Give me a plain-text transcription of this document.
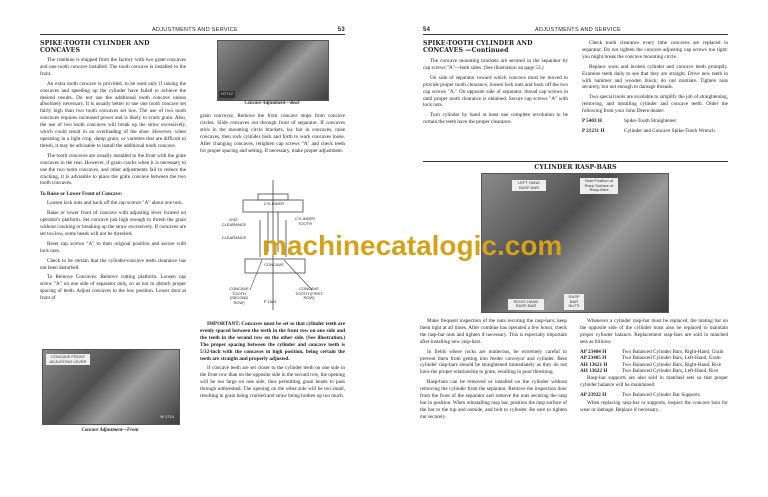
ADJUSTMENTS AND SERVICE	53
SPIKE-TOOTH CYLINDER AND CONCAVES

The combine is shipped from the factory with two grate concaves and one tooth concave installed. The tooth concave is installed to the front.

An extra tooth concave is provided, to be used only if raising the concaves and speeding up the cylinder have failed to achieve the desired results. Do not use the additional tooth concave unless absolutely necessary. It is usually better to use one tooth concave set fairly high than two tooth concaves set low. The use of two tooth concaves requires increased power and is likely to crack grain. Also, the use of two tooth concaves will break up the straw excessively, which could result in an overloading of the shoe. However, when operating in a light crop, damp grain, or varieties that are difficult to thresh, it may be advisable to install the additional tooth concave.

The tooth concaves are usually installed to the front with the grate concaves to the rear. However, if grain cracks when it is necessary to use the two tooth concaves, and other adjustments fail to reduce the cracking, it is advisable to place the grate concave between the two tooth concaves.

To Raise or Lower Front of Concave:

Loosen lock nuts and back off the cap screws "A" about one turn.

Raise or lower front of concave with adjusting lever located on operator's platform. Set concave just high enough to thresh the grain without cracking or breaking up the straw excessively. If concaves are set too low, some heads will not be threshed.

Reset cap screws "A" to their original position and secure with lock nuts.

Check to be certain that the cylinder-concave teeth clearance has not been disturbed.

To Remove Concaves: Remove cutting platform. Loosen cap screw "A" on one side of separator only, so as not to disturb proper spacing of teeth. Adjust concaves to the low position. Lower door at front of

CONCAVE FRONT ADJUSTING LEVER
W 1714
Concave Adjustment—Front
H7712
Concave Adjustment—Rear

grain conveyor. Remove the front concave stops from concave circles. Slide concaves out through front of separator. If concaves stick in the mounting circle brackets, lay bar in concaves, raise concaves, then rock cylinder back and forth to work concaves loose. After changing concaves, retighten cap screws "A" and check teeth for proper spacing and setting. If necessary, make proper adjustment.

CYLINDER
5/32" CLEARANCE
CYLINDER TOOTH
CLEARANCE
CONCAVE
CONCAVE TOOTH (SECOND ROW)
CONCAVE TOOTH (FIRST ROW)
P 1523

IMPORTANT: Concaves must be set so that cylinder teeth are evenly spaced between the teeth in the front row on one side and the teeth in the second row on the other side. (See illustration.) The proper spacing between the cylinder and concave teeth is 5/32-inch with the concaves in high position, being certain the teeth are straight and properly adjusted.

If concave teeth are set closer to the cylinder teeth on one side in the front row than on the opposite side in the second row, the opening will be too large on one side, thus permitting grain heads to pass through unthreshed. The opening on the other side will be too small, resulting in grain being cracked and straw being broken up too much.

54	ADJUSTMENTS AND SERVICE
SPIKE-TOOTH CYLINDER AND CONCAVES —Continued

The concave mounting brackets are secured in the separator by cap screws "A"—both sides. (See illustration on page 53.)

On side of separator toward which concave must be moved to provide proper tooth clearance, loosen lock nuts and back off the two cap screws "A." On opposite side of separator, thread cap screws in until proper tooth clearance is obtained. Secure cap screws "A" with lock nuts.

Turn cylinder by hand at least one complete revolution to be certain the teeth have the proper clearance.

Check tooth clearance every time concaves are replaced in separator. Do not tighten the concave adjusting cap screws too tight: you might break the concave mounting circle.

Replace worn and broken cylinder and concave teeth promptly. Examine teeth daily to see that they are straight. Drive new teeth in with hammer and wooden block; do not mutilate. Tighten nuts securely, but not enough to damage threads.

Two special tools are available to simplify the job of straightening, removing, and installing cylinder and concave teeth. Order the following from your John Deere dealer:

P 5403 H	Spike-Tooth Straightener
P 21231 H	Cylinder and Concave Spike-Tooth Wrench
CYLINDER RASP-BARS
LEFT HAND RASP-BAR
Note Position of Rasp Surface of Rasp-Bars
RIGHT-HAND RASP-BAR
RASP BAR NUTS

Make frequent inspection of the nuts securing the rasp-bars; keep them tight at all times. After combine has operated a few hours, check the rasp-bar nuts and tighten if necessary. This is especially important after installing new rasp-bars.

In fields where rocks are numerous, be extremely careful to prevent them from getting into feeder conveyor and cylinder. Bent cylinder rasp-bars should be straightened immediately as they do not have the proper relationship to grate, resulting in poor threshing.

Rasp-bars can be removed or installed on the cylinder without removing the cylinder from the separator. Remove the inspection door from the front of the separator and remove the nuts securing the rasp bar in position. When reinstalling rasp bar, position the rasp surface of the bar to the top and outside, and bolt to cylinder. Be sure to tighten nut securely.

Whenever a cylinder rasp-bar must be replaced, the mating bar on the opposite side of the cylinder must also be replaced to maintain proper cylinder balance. Replacement rasp-bars are sold in matched sets as follows:

AP 23404 H	Two Balanced Cylinder Bars, Right-Hand, Grain
AP 23405 H	Two Balanced Cylinder Bars, Left-Hand, Grain
AH 13621 H	Two Balanced Cylinder Bars, Right-Hand, Rice
AH 13622 H	Two Balanced Cylinder Bars, Left-Hand, Rice

Rasp-bar supports are also sold in matched sets so that proper cylinder balance will be maintained.

AP 23922 H	Two Balanced Cylinder Bar Supports

When replacing rasp-bar or supports, inspect the concave bars for wear or damage. Replace if necessary.

machinecatalogic.com
